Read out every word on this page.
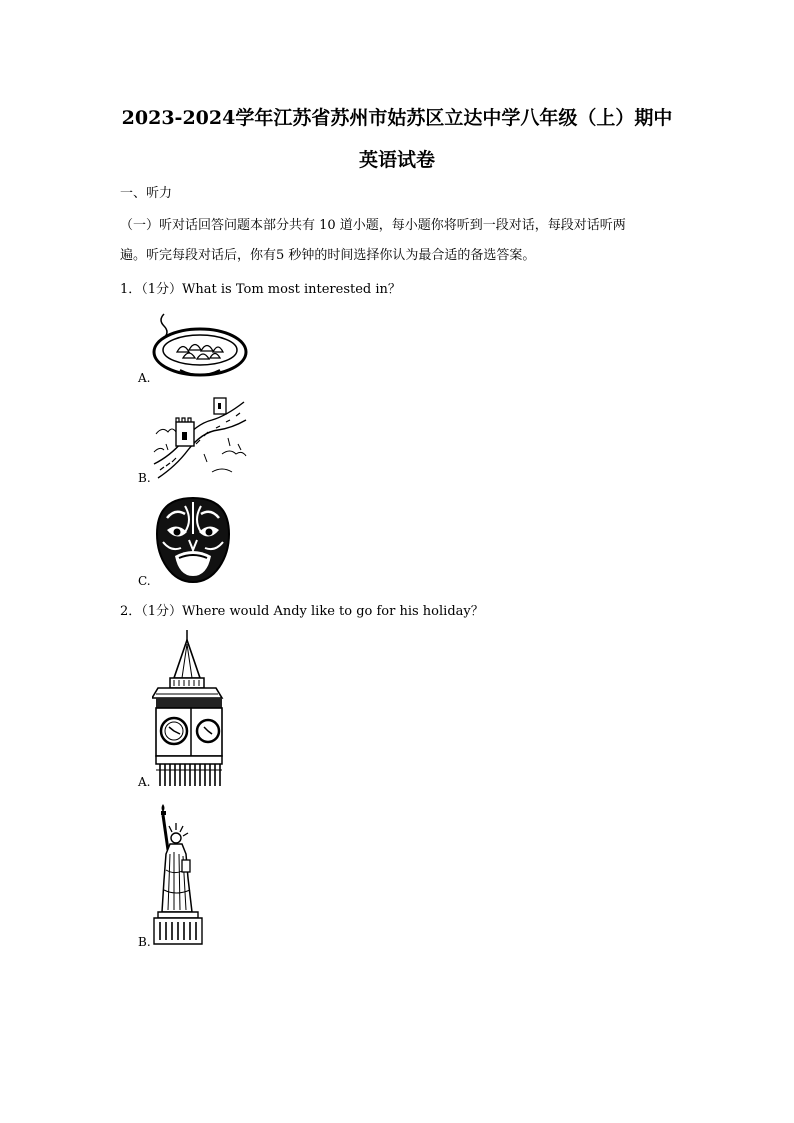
2023-2024学年江苏省苏州市姑苏区立达中学八年级（上）期中
英语试卷
一、听力
（一）听对话回答问题本部分共有 10 道小题，每小题你将听到一段对话，每段对话听两
遍。听完每段对话后，你有5 秒钟的时间选择你认为最合适的备选答案。
1．（1分）What is Tom most interested in？
A.
B.
C.
2．（1分）Where would Andy like to go for his holiday？
A.
B.
